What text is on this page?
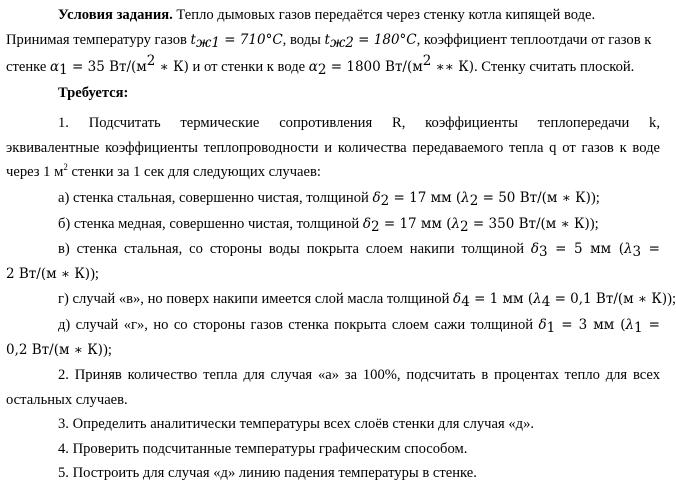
Условия задания. Тепло дымовых газов передаётся через стенку котла кипящей воде.
Принимая температуру газов $t_{ж1} = 710^\circ C$, воды $t_{ж2} = 180^\circ C$, коэффициент теплоотдачи от газов к
стенке $\alpha_1 = 35$ $Вт/(м^2$ ∗ К) и от стенки к воде $\alpha_2 = 1800$ $Вт/(м^2$ ∗∗ К). Стенку считать плоской.
Требуется:
1. Подсчитать термические сопротивления R, коэффициенты теплопередачи k,
эквивалентные коэффициенты теплопроводности и количества передаваемого тепла q от газов к воде
через 1 $м^2$ стенки за 1 сек для следующих случаев:
а) стенка стальная, совершенно чистая, толщиной $\delta_2 = 17$ мм ($\lambda_2 = 50$ Вт/(м ∗ К));
б) стенка медная, совершенно чистая, толщиной $\delta_2 = 17$ мм ($\lambda_2 = 350$ Вт/(м ∗ К));
в) стенка стальная, со стороны воды покрыта слоем накипи толщиной $\delta_3 = 5$ мм ($\lambda_3$ =
2 Вт/(м ∗ К));
г) случай «в», но поверх накипи имеется слой масла толщиной $\delta_4 = 1$ мм ($\lambda_4 = 0,1$ Вт/(м ∗ К));
д) случай «г», но со стороны газов стенка покрыта слоем сажи толщиной $\delta_1 = 3$ мм ($\lambda_1$ =
0,2 Вт/(м ∗ К));
2. Приняв количество тепла для случая «а» за 100%, подсчитать в процентах тепло для всех
остальных случаев.
3. Определить аналитически температуры всех слоёв стенки для случая «д».
4. Проверить подсчитанные температуры графическим способом.
5. Построить для случая «д» линию падения температуры в стенке.
